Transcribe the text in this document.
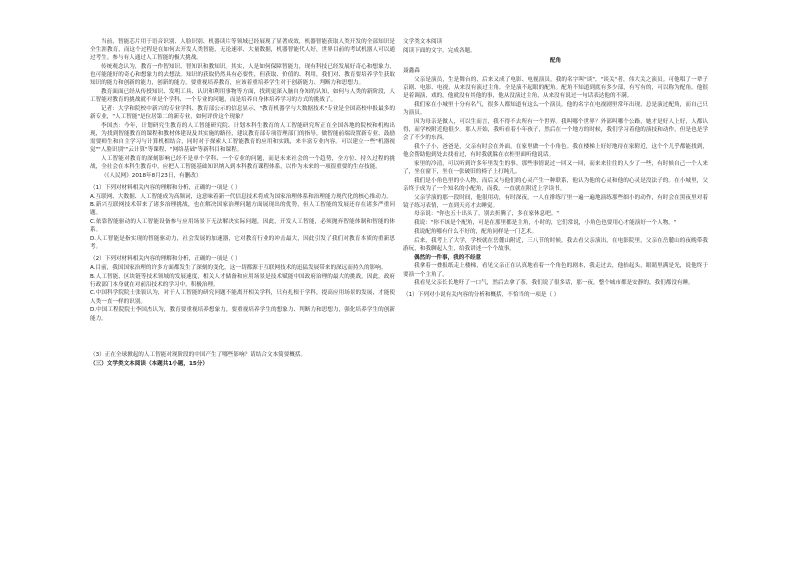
当前，智能芯片用于语音识别、人脸识别、机器读片等领域已经展现了显著成效，机器智能获取人类开发的全部知识是全生涯教育，而这个过程是在如何去开发人类智能，无论速率、大量数据，机器智能代人好，世界目前的考试机器人可以通过考生。参与有人通过人工智能的极大挑战。

传统观念认为，教育一作智知识、智知识和教知识。其实，人是如何保障智能力，现有科技已经发展好奇心和想象力，也可能能好的奇心和想象力的去想法。知识的获取仍然具有必要性，但获取、价值的、利用，我们对、教育要培养学生获取知识的能力和创新的能力，创新的能力，要重视培养教育，应该着重培养学生对于创新能力、判断力和思想力。

教育面面已经从传授知识、发明工具、认识和利用事物等方面，找到更深入脑自身知的认知，如何与人类的新阶段，人工智能对教育的挑战就不单是个学科、一个专业的问题，而是培养自身体培养学习的方式的挑战了。

记者：大学和院校中新兴的专业学科、教育部公示的信息显示，"教育机器学与大数据技术"专业是全国高校申报最多的新专业，"人工智能"是位居第二的新专业，如何评价这个现象？

李国杰：今年，计划研究生教育的人工智能研究院、计划本科生教育的人工智能研究所正在全国各地的院校和机构出现，为找到智能教育的课程和教材体建设及其实施的路径，建议教育部专项管理部门的指导，做智能前端设置新专业、鼓励需要师生和自主学习与计算机相结合，同时对于探索人工智能教育的应用和实践，来丰富专业内容。可以建立一些"机器视觉""人脸识别""云计算"等课程、"网络基础"等新科目和课程。

人工智能对教育的深刻影响已经不是单个学科、一个专业的问题，而是未来社会的一个趋势，全方位、持久过程的挑战，全社会在本科生教育中，应把人工智能基础知识纳入到本科教育课程体系，以作为未来的一项很重要的生存技能。

（《人民网》2018年8月23日，有删改）

（1）下列对材料相关内容的理解和分析，正确的一项是（ ）

A.互联网、大数据、人工智能成为高频词，这意味着新一代信息技术将成为国家治理体系和治理能力现代化的核心推动力。

B.新兴互联网技术带来了诸多治理挑战，也在解决国家治理问题方面展现出的优势，但人工智能的发展还存在诸多严重问题。

C.依靠智能驱动的人工智能设备参与应用场景下无法解决实际问题，因此，开发人工智能，必须抛弃智能体制和智能的体系。

D.人工智能是指实现的智能驱动力，社会发展的加速器，它对教育行业的冲击最大，因此引发了我们对教育本质的重新思考。

（2）下列对材料相关内容的理解和分析，正确的一项是（ ）

A.目前，我国国家治理的许多方面都发生了深刻的变化，这一切都源于互联网技术的迅猛发展带来的深远而持久的影响。

B.人工智能、区块链等技术领域的发展速度，相关人才储备和应用场景是技术赋能中国政府治理的最大的挑战，因此，政府行政部门本身就在对前沿技术的学习中，积极治理。

C.中国科学院院士张钹认为，对于人工智能的研究问题不能离开相关学科，只有扎根于学科，提高应用场景的发展，才能使人类一直一样的识别。

D.中国工程院院士李国杰认为，教育要重视培养想象力，要重视培养学生的想象力、判断力和思想力，强化培养学生的创新能力。

（3）正在全球掀起的人工智能对现阶段的中国产生了哪些影响？请结合文本简要概括。

（三）文学类文本阅读（本题共1小题，15分）

文学类文本阅读

阅读下面的文字，完成各题。

配角

聂鑫森

父亲是演员，生是舞台的，后来又成了电影、电视演员。我的名字叫"谈"，"谈关"者，伟大关之演员。可他唱了一辈子京剧、电影、电视，从来没有演过主角，全是演不起眼的配角。配角不知道到底有多少部，有写有的，可以称为配角，他很是着调演，戏的，他就没有其他的事，他从没演过主角，从来没有说过一句话表达他的不满。

我们家在小城里十分有名气，很多人都知道有这么一个演员，他的名字在电视剧里常年出现，总是演过配角，而自己只为演员。

因为母亲是做人，可以生而言，我不得不去所有一个世界。我叫哪个世界？外部叫哪个公路，她才是好人上好，人都认得，而学校附近他很少。那人开始，我听看着小年孩子，然后在一个地方的时候，我们学习着他的演技和动作，但是也是学会了不少的东西。

我个子小，爸爸是，父亲有时会在外面，在家里做一个小角色。我在楼梯上好好地待在家附近，这个个儿乎都能找到，他会帮助他到处去找看过，有时我就躲在衣柜里面听他说话。

家里的冷清，可以听到许多年里发生的事。那些事情说过一回又一回，而来来往往的人少了一些，有时候自己一个人来了，坐在窗下，坐在一张破旧的椅子上打盹儿。

我们是小角色里的小人物，而后又与他们的心灵产生一种联系，他认为他的心灵和他的心灵是没法子的。在小城里，父亲终于成为了一个知名的小配角，而我，一直就在附近上学读书。

父亲学演的那一段时间，他很用功，有时深夜，一人在排练厅里一遍一遍地演练那些细小的动作，有时会在黑夜里对着镜子练习表情，一直到天亮才去睡觉。

母亲说："你也五十出头了，别去折腾了，多在家休息吧。"

我说："你不该是个配角，可是在那里都是主角，小时的，它们常说，小角色也要用心才能演好一个人物。"

我说配角哪有什么不好的，配角同样是一门艺术。

后来，我考上了大学，学校就在岳麓山附近，三八节的时候，我去看父亲演出，在电影院里，父亲在岳麓山的夜晚带我游玩，和我聊起人生，给我讲述一个个故事。

偶然的一件事，我的不经意

我拿着一叠报纸走上楼梯，看见父亲正在认真地看着一个角色的剧本，我走过去，他抬起头，眼睛里满是光，说他终于要演一个主角了。

我看见父亲长长地吁了一口气，然后去拿了茶，我们说了很多话，那一夜，整个城市都是安静的，我们都没有睡。

（1）下列对小说有关内容的分析和概括，不恰当的一项是（ ）
